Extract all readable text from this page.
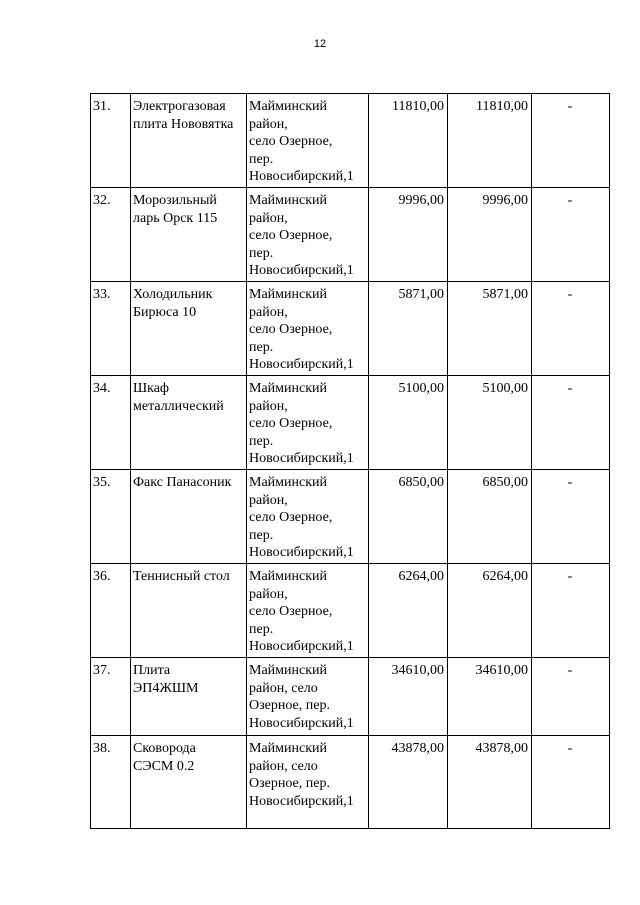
12
31.	Электрогазовая
плита Нововятка	Майминский
район,
село Озерное,
пер.
Новосибирский,1	11810,00	11810,00	-
32.	Морозильный
ларь Орск 115	Майминский
район,
село Озерное,
пер.
Новосибирский,1	9996,00	9996,00	-
33.	Холодильник
Бирюса 10	Майминский
район,
село Озерное,
пер.
Новосибирский,1	5871,00	5871,00	-
34.	Шкаф
металлический	Майминский
район,
село Озерное,
пер.
Новосибирский,1	5100,00	5100,00	-
35.	Факс Панасоник	Майминский
район,
село Озерное,
пер.
Новосибирский,1	6850,00	6850,00	-
36.	Теннисный стол	Майминский
район,
село Озерное,
пер.
Новосибирский,1	6264,00	6264,00	-
37.	Плита
ЭП4ЖШМ	Майминский
район, село
Озерное, пер.
Новосибирский,1	34610,00	34610,00	-
38.	Сковорода
СЭСМ 0.2	Майминский
район, село
Озерное, пер.
Новосибирский,1	43878,00	43878,00	-
